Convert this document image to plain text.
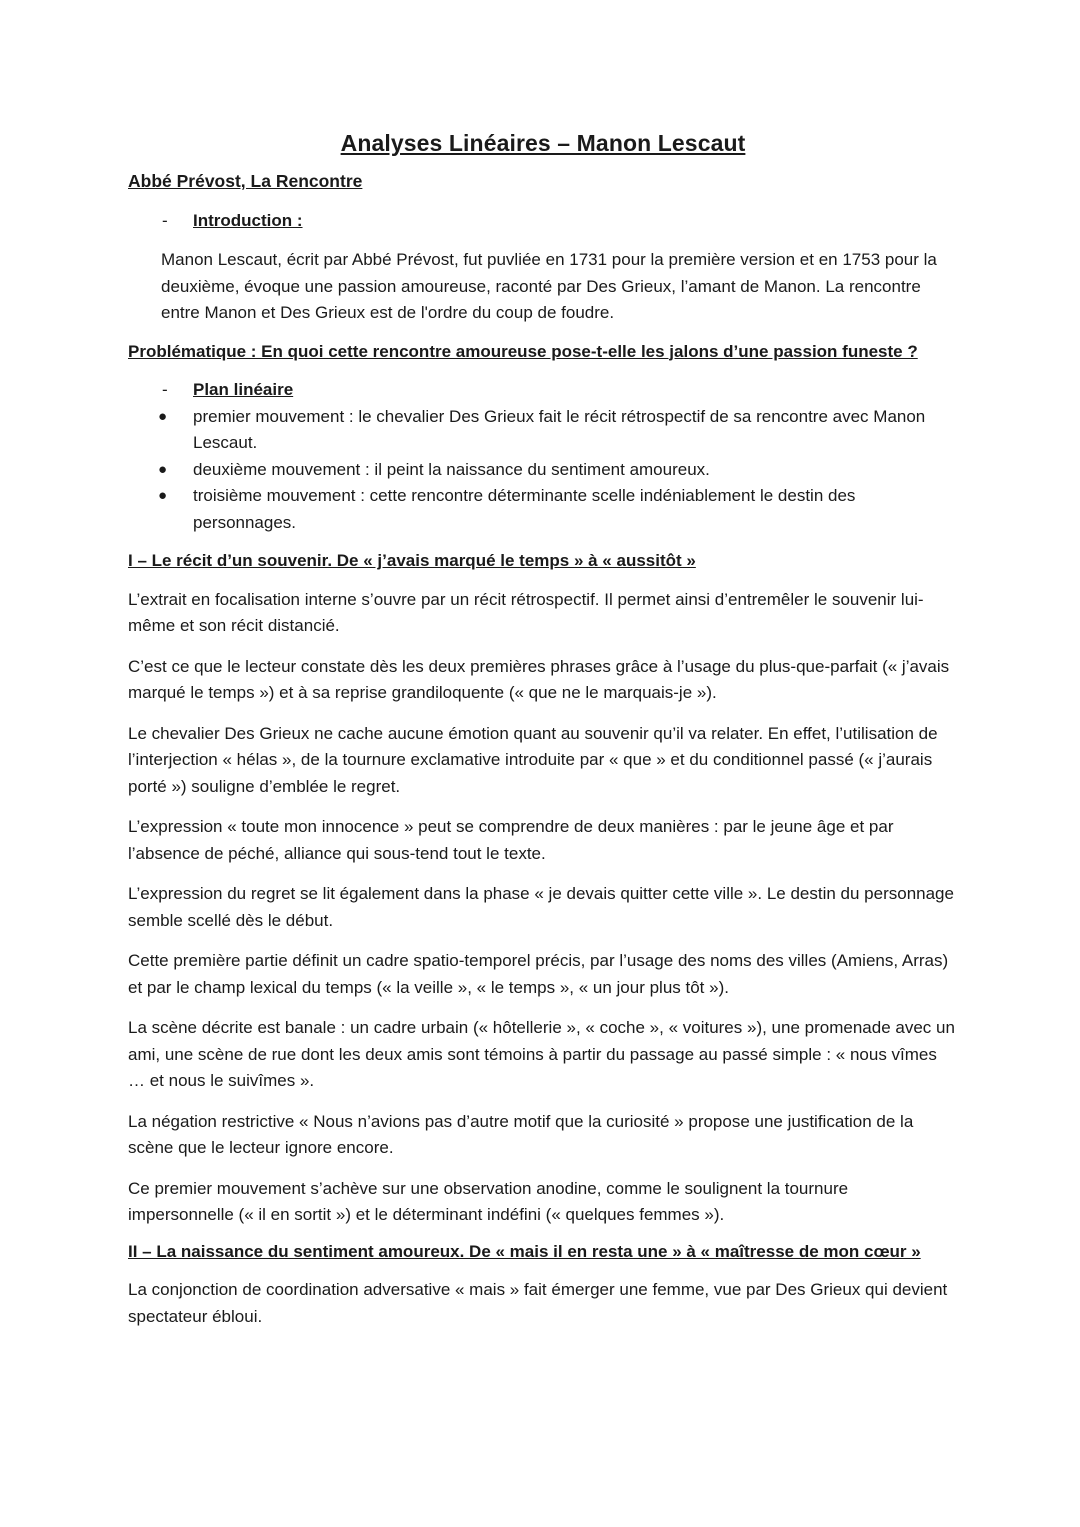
Analyses Linéaires – Manon Lescaut
Abbé Prévost, La Rencontre
- Introduction :
Manon Lescaut, écrit par Abbé Prévost, fut puvliée en 1731 pour la première version et en 1753 pour la deuxième, évoque une passion amoureuse, raconté par Des Grieux, l’amant de Manon. La rencontre entre Manon et Des Grieux est de l'ordre du coup de foudre.
Problématique : En quoi cette rencontre amoureuse pose-t-elle les jalons d’une passion funeste ?
- Plan linéaire
● premier mouvement : le chevalier Des Grieux fait le récit rétrospectif de sa rencontre avec Manon Lescaut.
● deuxième mouvement : il peint la naissance du sentiment amoureux.
● troisième mouvement : cette rencontre déterminante scelle indéniablement le destin des personnages.
I – Le récit d’un souvenir. De « j’avais marqué le temps » à « aussitôt »

L’extrait en focalisation interne s’ouvre par un récit rétrospectif. Il permet ainsi d’entremêler le souvenir lui-même et son récit distancié.

C’est ce que le lecteur constate dès les deux premières phrases grâce à l’usage du plus-que-parfait (« j’avais marqué le temps ») et à sa reprise grandiloquente (« que ne le marquais-je »).

Le chevalier Des Grieux ne cache aucune émotion quant au souvenir qu’il va relater. En effet, l’utilisation de l’interjection « hélas », de la tournure exclamative introduite par « que » et du conditionnel passé (« j’aurais porté ») souligne d’emblée le regret.

L’expression « toute mon innocence » peut se comprendre de deux manières : par le jeune âge et par l’absence de péché, alliance qui sous-tend tout le texte.

L’expression du regret se lit également dans la phase « je devais quitter cette ville ». Le destin du personnage semble scellé dès le début.

Cette première partie définit un cadre spatio-temporel précis, par l’usage des noms des villes (Amiens, Arras) et par le champ lexical du temps (« la veille », « le temps », « un jour plus tôt »).

La scène décrite est banale : un cadre urbain (« hôtellerie », « coche », « voitures »), une promenade avec un ami, une scène de rue dont les deux amis sont témoins à partir du passage au passé simple : « nous vîmes … et nous le suivîmes ».

La négation restrictive « Nous n’avions pas d’autre motif que la curiosité » propose une justification de la scène que le lecteur ignore encore.

Ce premier mouvement s’achève sur une observation anodine, comme le soulignent la tournure impersonnelle (« il en sortit ») et le déterminant indéfini (« quelques femmes »).

II – La naissance du sentiment amoureux. De « mais il en resta une » à « maîtresse de mon cœur »

La conjonction de coordination adversative « mais » fait émerger une femme, vue par Des Grieux qui devient spectateur ébloui.
